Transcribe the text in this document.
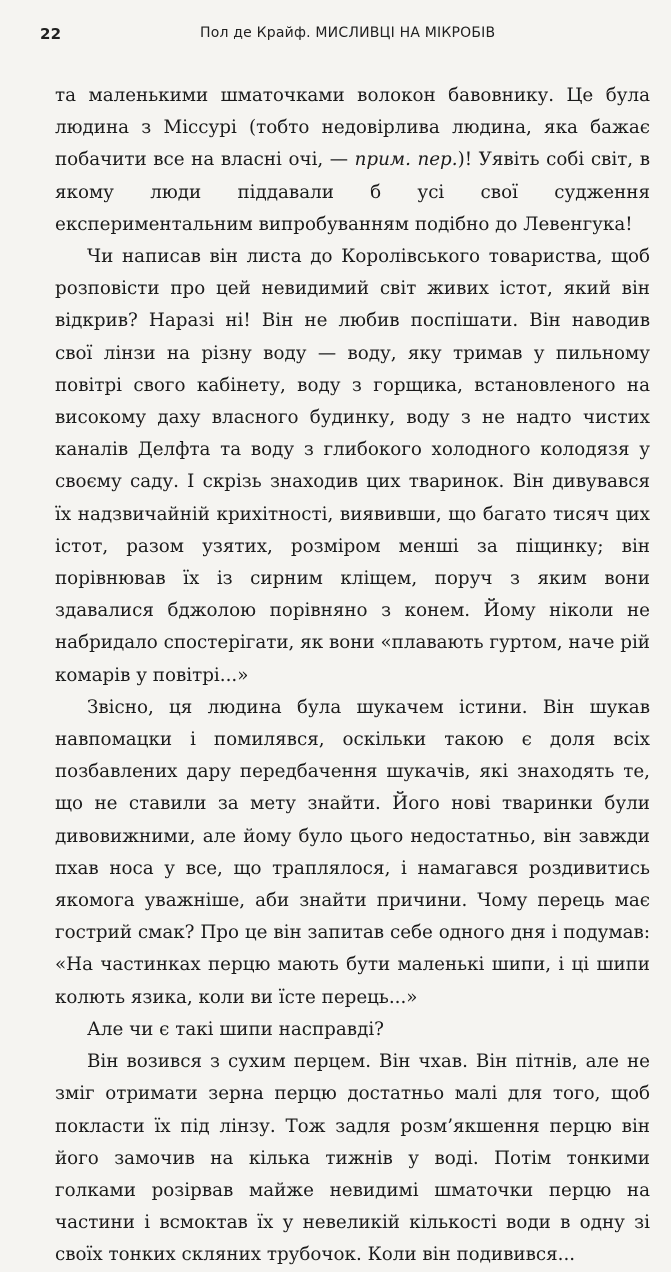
22	Пол де Крайф. МИСЛИВЦІ НА МІКРОБІВ

та маленькими шматочками волокон бавовнику. Це була людина з Міссурі (тобто недовірлива людина, яка бажає побачити все на власні очі, — прим. пер.)! Уявіть собі світ, в якому люди піддавали б усі свої судження експериментальним випробуванням подібно до Левенгука!

Чи написав він листа до Королівського товариства, щоб розповісти про цей невидимий світ живих істот, який він відкрив? Наразі ні! Він не любив поспішати. Він наводив свої лінзи на різну воду — воду, яку тримав у пильному повітрі свого кабінету, воду з горщика, встановленого на високому даху власного будинку, воду з не надто чистих каналів Делфта та воду з глибокого холодного колодязя у своєму саду. І скрізь знаходив цих тваринок. Він дивувався їх надзвичайній крихітності, виявивши, що багато тисяч цих істот, разом узятих, розміром менші за піщинку; він порівнював їх із сирним кліщем, поруч з яким вони здавалися бджолою порівняно з конем. Йому ніколи не набридало спостерігати, як вони «плавають гуртом, наче рій комарів у повітрі...»

Звісно, ця людина була шукачем істини. Він шукав навпомацки і помилявся, оскільки такою є доля всіх позбавлених дару передбачення шукачів, які знаходять те, що не ставили за мету знайти. Його нові тваринки були дивовижними, але йому було цього недостатньо, він завжди пхав носа у все, що траплялося, і намагався роздивитись якомога уважніше, аби знайти причини. Чому перець має гострий смак? Про це він запитав себе одного дня і подумав: «На частинках перцю мають бути маленькі шипи, і ці шипи колють язика, коли ви їсте перець...»

Але чи є такі шипи насправді?

Він возився з сухим перцем. Він чхав. Він пітнів, але не зміг отримати зерна перцю достатньо малі для того, щоб покласти їх під лінзу. Тож задля розм’якшення перцю він його замочив на кілька тижнів у воді. Потім тонкими голками розірвав майже невидимі шматочки перцю на частини і всмоктав їх у невеликій кількості води в одну зі своїх тонких скляних трубочок. Коли він подивився...
